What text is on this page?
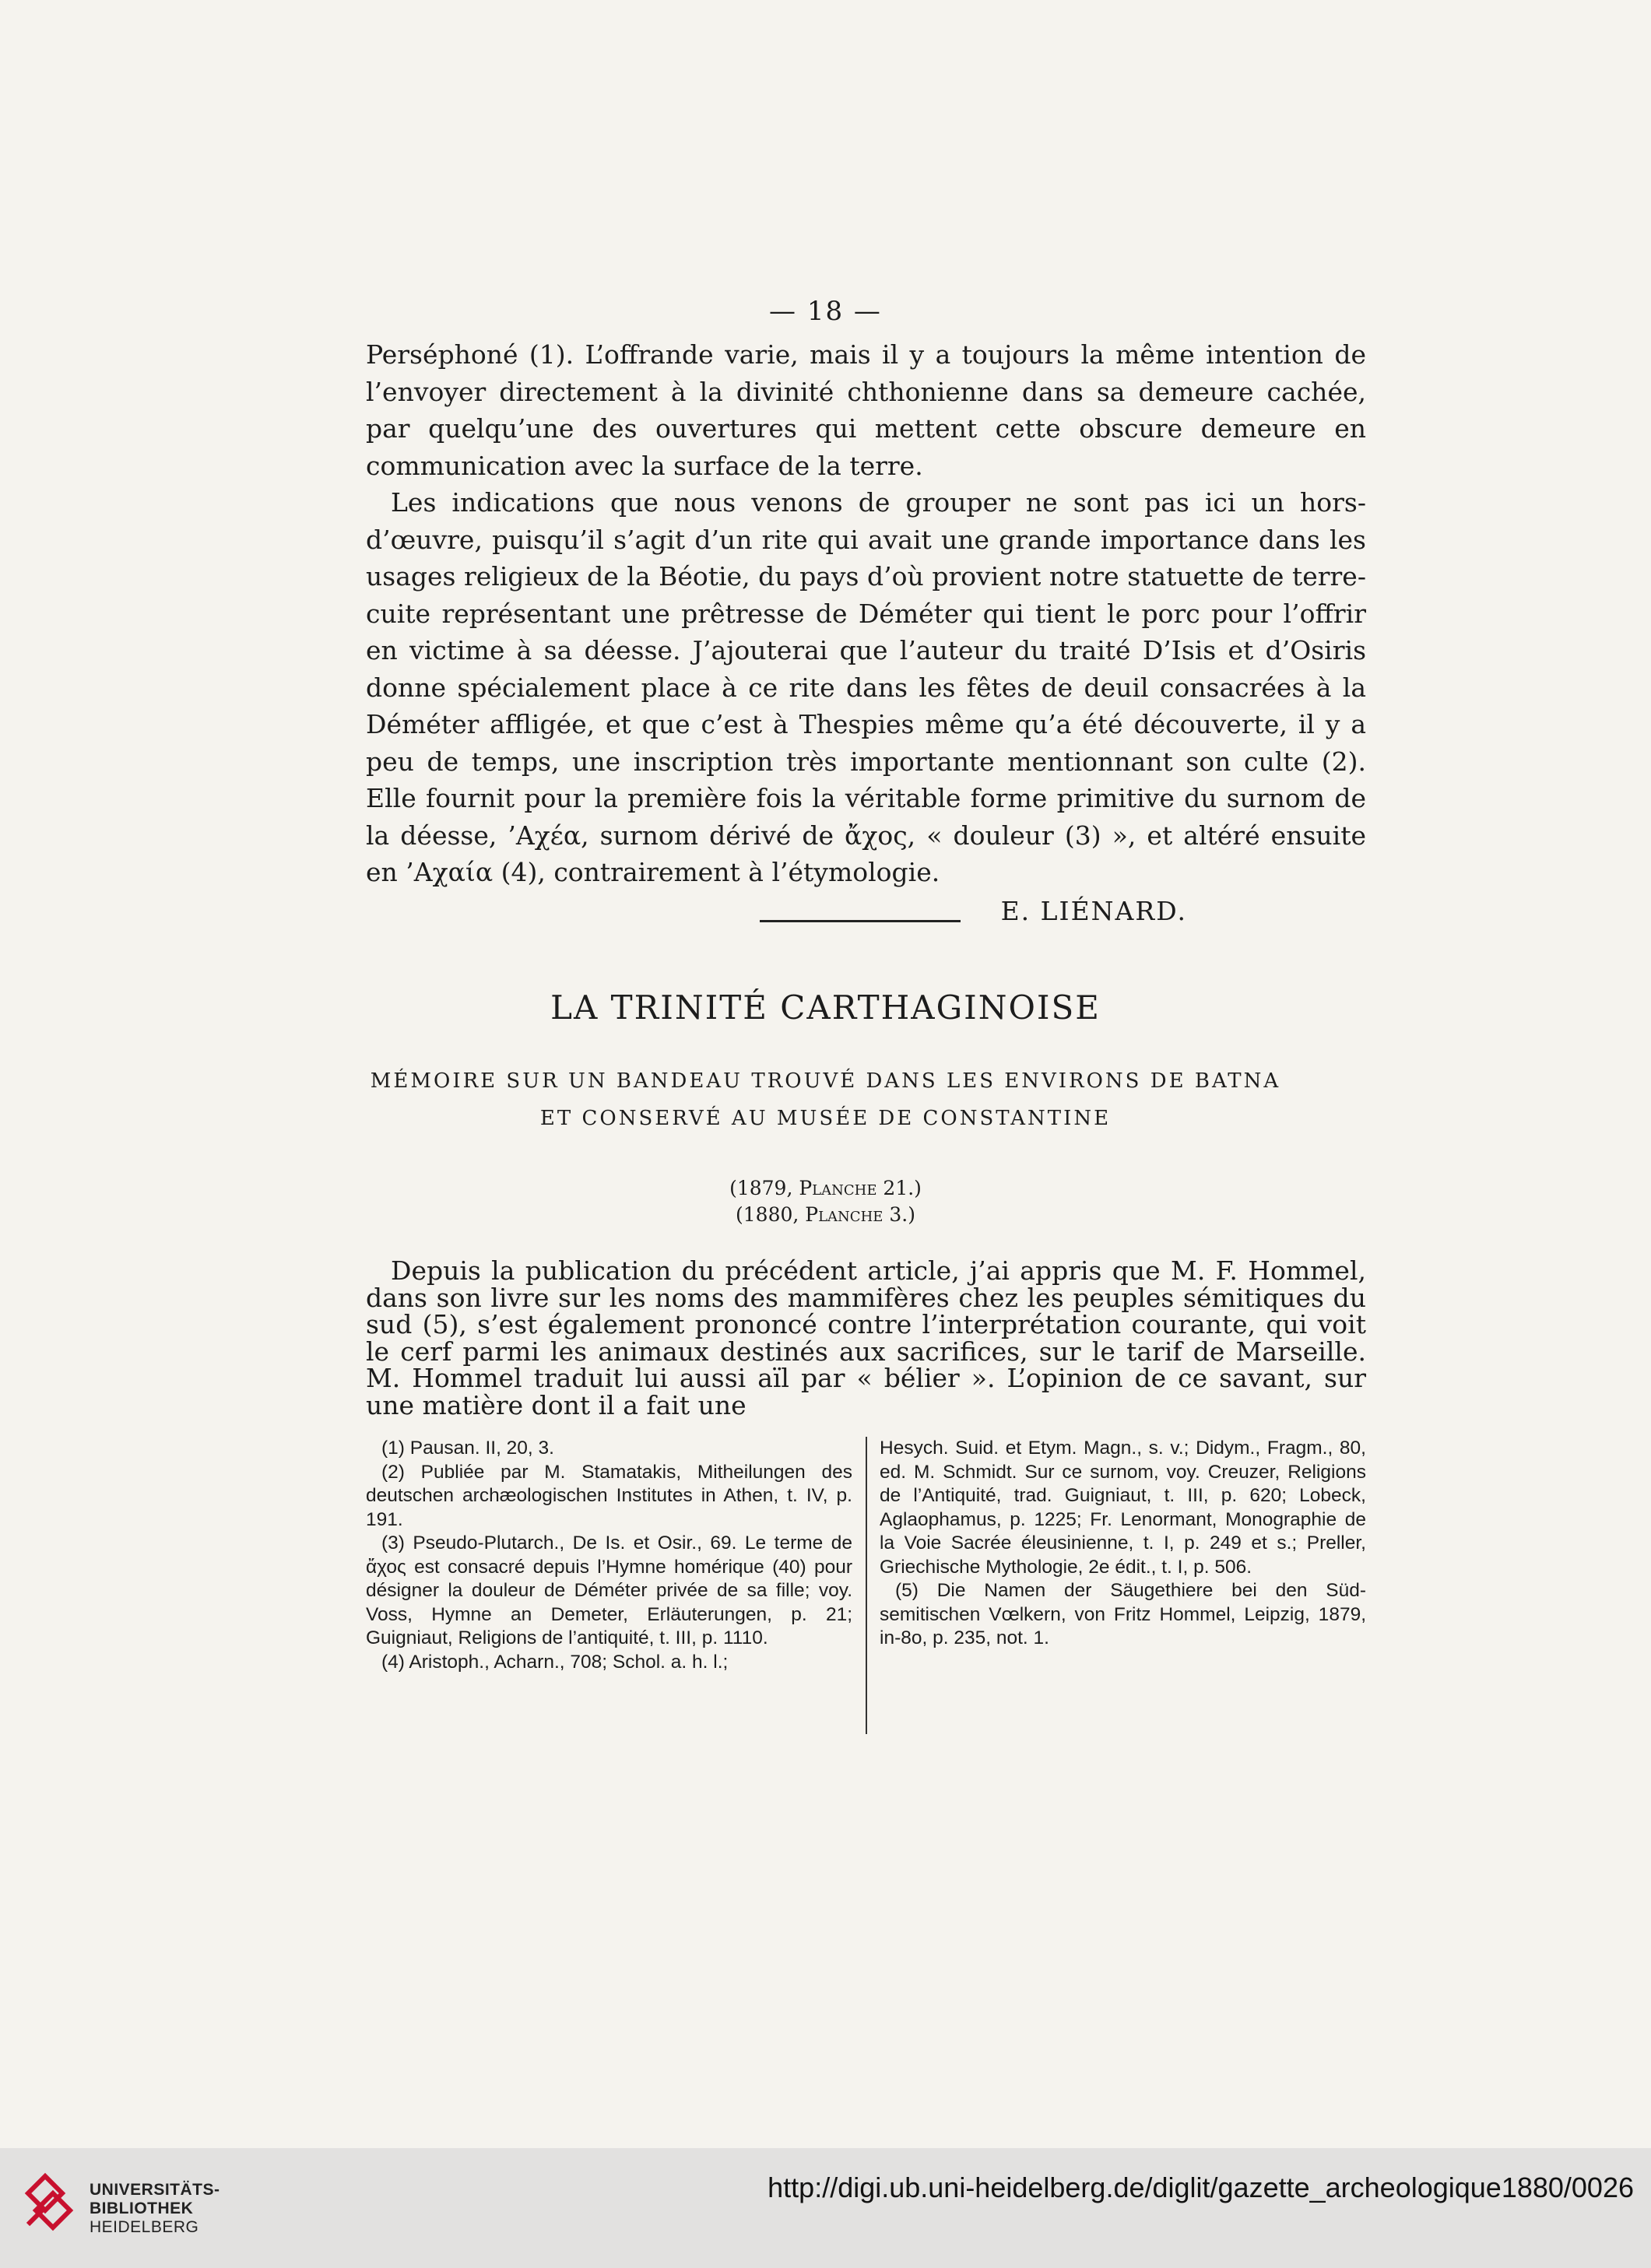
— 18 —

Perséphoné (1). L’offrande varie, mais il y a toujours la même intention de l’envoyer directement à la divinité chthonienne dans sa demeure cachée, par quelqu’une des ouvertures qui mettent cette obscure demeure en communication avec la surface de la terre.

Les indications que nous venons de grouper ne sont pas ici un hors-d’œuvre, puisqu’il s’agit d’un rite qui avait une grande importance dans les usages religieux de la Béotie, du pays d’où provient notre statuette de terre-cuite représentant une prêtresse de Déméter qui tient le porc pour l’offrir en victime à sa déesse. J’ajouterai que l’auteur du traité D’Isis et d’Osiris donne spécialement place à ce rite dans les fêtes de deuil consacrées à la Déméter affligée, et que c’est à Thespies même qu’a été découverte, il y a peu de temps, une inscription très importante mentionnant son culte (2). Elle fournit pour la première fois la véritable forme primitive du surnom de la déesse, ’Αχέα, surnom dérivé de ἄχος, « douleur (3) », et altéré ensuite en ’Αχαία (4), contrairement à l’étymologie.

E. LIÉNARD.
LA TRINITÉ CARTHAGINOISE
MÉMOIRE SUR UN BANDEAU TROUVÉ DANS LES ENVIRONS DE BATNA
ET CONSERVÉ AU MUSÉE DE CONSTANTINE
(1879, Planche 21.)
(1880, Planche 3.)

Depuis la publication du précédent article, j’ai appris que M. F. Hommel, dans son livre sur les noms des mammifères chez les peuples sémitiques du sud (5), s’est également prononcé contre l’interprétation courante, qui voit le cerf parmi les animaux destinés aux sacrifices, sur le tarif de Marseille. M. Hommel traduit lui aussi aïl par « bélier ». L’opinion de ce savant, sur une matière dont il a fait une

(1) Pausan. II, 20, 3.

(2) Publiée par M. Stamatakis, Mitheilungen des deutschen archæologischen Institutes in Athen, t. IV, p. 191.

(3) Pseudo-Plutarch., De Is. et Osir., 69. Le terme de ἄχος est consacré depuis l’Hymne homérique (40) pour désigner la douleur de Déméter privée de sa fille; voy. Voss, Hymne an Demeter, Erläuterungen, p. 21; Guigniaut, Religions de l’antiquité, t. III, p. 1110.

(4) Aristoph., Acharn., 708; Schol. a. h. l.;

Hesych. Suid. et Etym. Magn., s. v.; Didym., Fragm., 80, ed. M. Schmidt. Sur ce surnom, voy. Creuzer, Religions de l’Antiquité, trad. Guigniaut, t. III, p. 620; Lobeck, Aglaophamus, p. 1225; Fr. Lenormant, Monographie de la Voie Sacrée éleusinienne, t. I, p. 249 et s.; Preller, Griechische Mythologie, 2e édit., t. I, p. 506.

(5) Die Namen der Säugethiere bei den Süd-semitischen Vœlkern, von Fritz Hommel, Leipzig, 1879, in-8o, p. 235, not. 1.

UNIVERSITÄTS-
BIBLIOTHEK
HEIDELBERG
http://digi.ub.uni-heidelberg.de/diglit/gazette_archeologique1880/0026
